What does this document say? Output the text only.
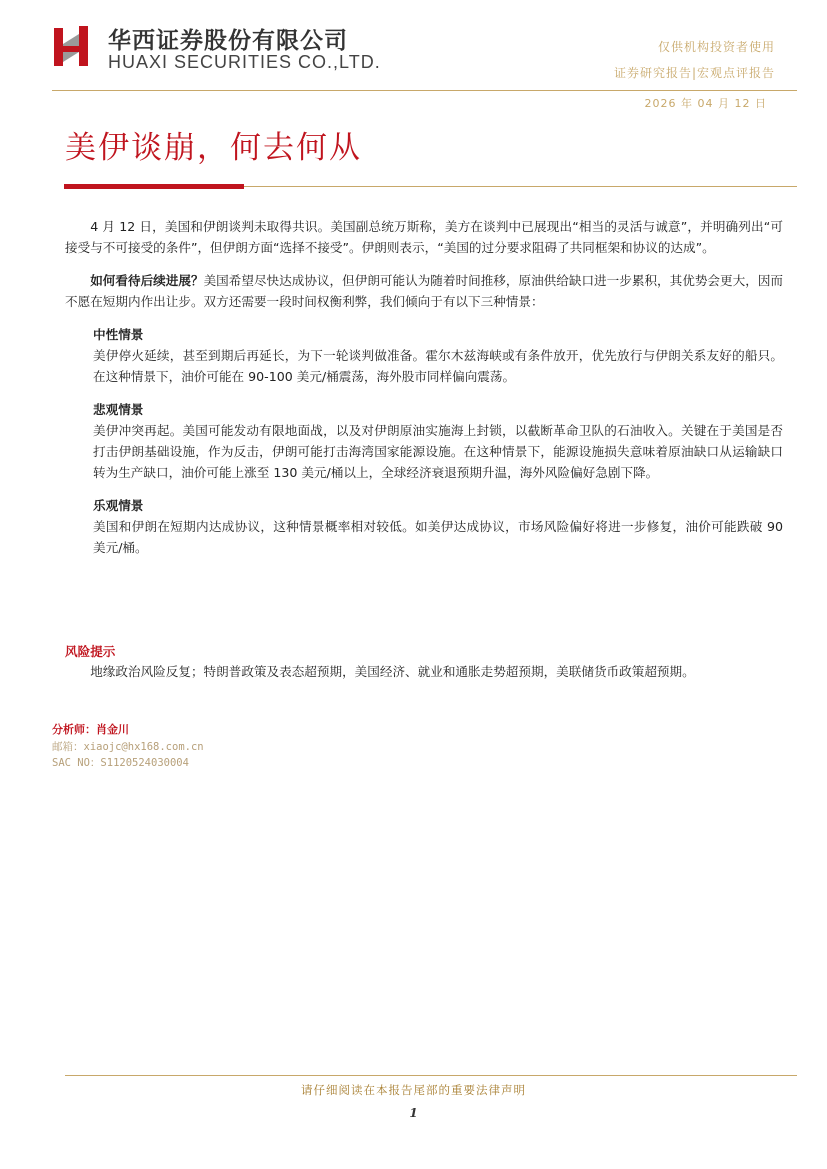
华西证券股份有限公司
HUAXI SECURITIES CO.,LTD.
仅供机构投资者使用
证券研究报告|宏观点评报告
2026 年 04 月 12 日
美伊谈崩，何去何从

4 月 12 日，美国和伊朗谈判未取得共识。美国副总统万斯称，美方在谈判中已展现出“相当的灵活与诚意”，并明确列出“可接受与不可接受的条件”，但伊朗方面“选择不接受”。伊朗则表示，“美国的过分要求阻碍了共同框架和协议的达成”。

如何看待后续进展？美国希望尽快达成协议，但伊朗可能认为随着时间推移，原油供给缺口进一步累积，其优势会更大，因而不愿在短期内作出让步。双方还需要一段时间权衡利弊，我们倾向于有以下三种情景：

中性情景

美伊停火延续，甚至到期后再延长，为下一轮谈判做准备。霍尔木兹海峡或有条件放开，优先放行与伊朗关系友好的船只。在这种情景下，油价可能在 90-100 美元/桶震荡，海外股市同样偏向震荡。

悲观情景

美伊冲突再起。美国可能发动有限地面战，以及对伊朗原油实施海上封锁，以截断革命卫队的石油收入。关键在于美国是否打击伊朗基础设施，作为反击，伊朗可能打击海湾国家能源设施。在这种情景下，能源设施损失意味着原油缺口从运输缺口转为生产缺口，油价可能上涨至 130 美元/桶以上，全球经济衰退预期升温，海外风险偏好急剧下降。

乐观情景

美国和伊朗在短期内达成协议，这种情景概率相对较低。如美伊达成协议，市场风险偏好将进一步修复，油价可能跌破 90 美元/桶。

风险提示

地缘政治风险反复；特朗普政策及表态超预期，美国经济、就业和通胀走势超预期，美联储货币政策超预期。

分析师：肖金川
邮箱：xiaojc@hx168.com.cn
SAC NO：S1120524030004
请仔细阅读在本报告尾部的重要法律声明
1
